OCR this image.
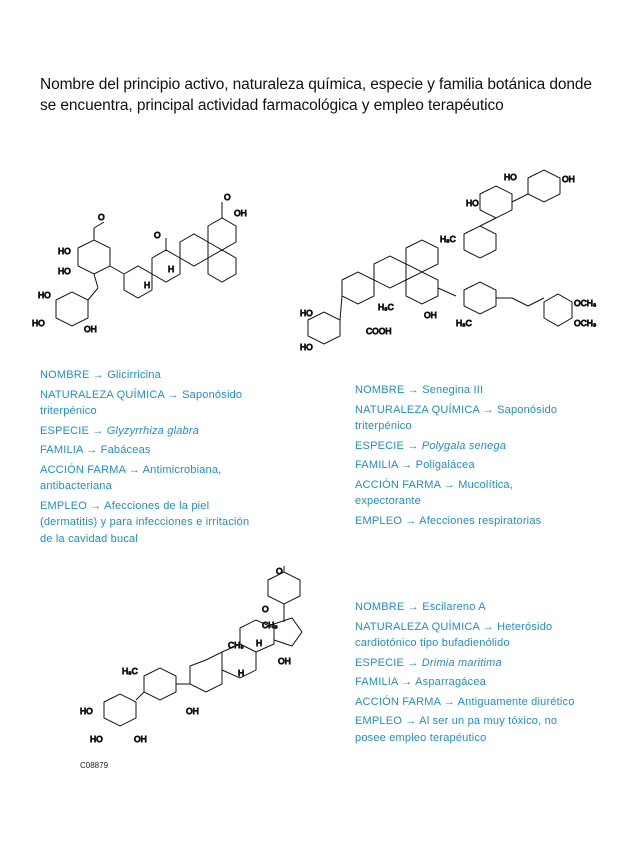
Nombre del principio activo, naturaleza química, especie y familia botánica donde se encuentra, principal actividad farmacológica y empleo terapéutico
O
HO
HO
HO
HO
OH
O
O
OH
H
H
HO	OH
HO
H₃C
OCH₃
OCH₃
H₃C
HO
HO
COOH
H₃C
OH

NOMBRE → Glicirricina

NATURALEZA QUÍMICA → Saponósido triterpénico

ESPECIE → Glyzyrrhiza glabra

FAMILIA → Fabáceas

ACCIÓN FARMA → Antimicrobiana, antibacteriana

EMPLEO → Afecciones de la piel (dermatitis) y para infecciones e irritación de la cavidad bucal

NOMBRE → Senegina III

NATURALEZA QUÍMICA → Saponósido triterpénico

ESPECIE → Polygala senega

FAMILIA → Poligalácea

ACCIÓN FARMA → Mucolítica, expectorante

EMPLEO → Afecciones respiratorias

O
O
CH₃
CH₃
OH
H
H
H₃C
OH
HO
HO	OH
C08879

NOMBRE → Escilareno A

NATURALEZA QUÍMICA → Heterósido cardiotónico tipo bufadienólido

ESPECIE → Drimia maritima

FAMILIA → Asparragácea

ACCIÓN FARMA → Antiguamente diurético

EMPLEO → Al ser un pa muy tóxico, no posee empleo terapéutico
